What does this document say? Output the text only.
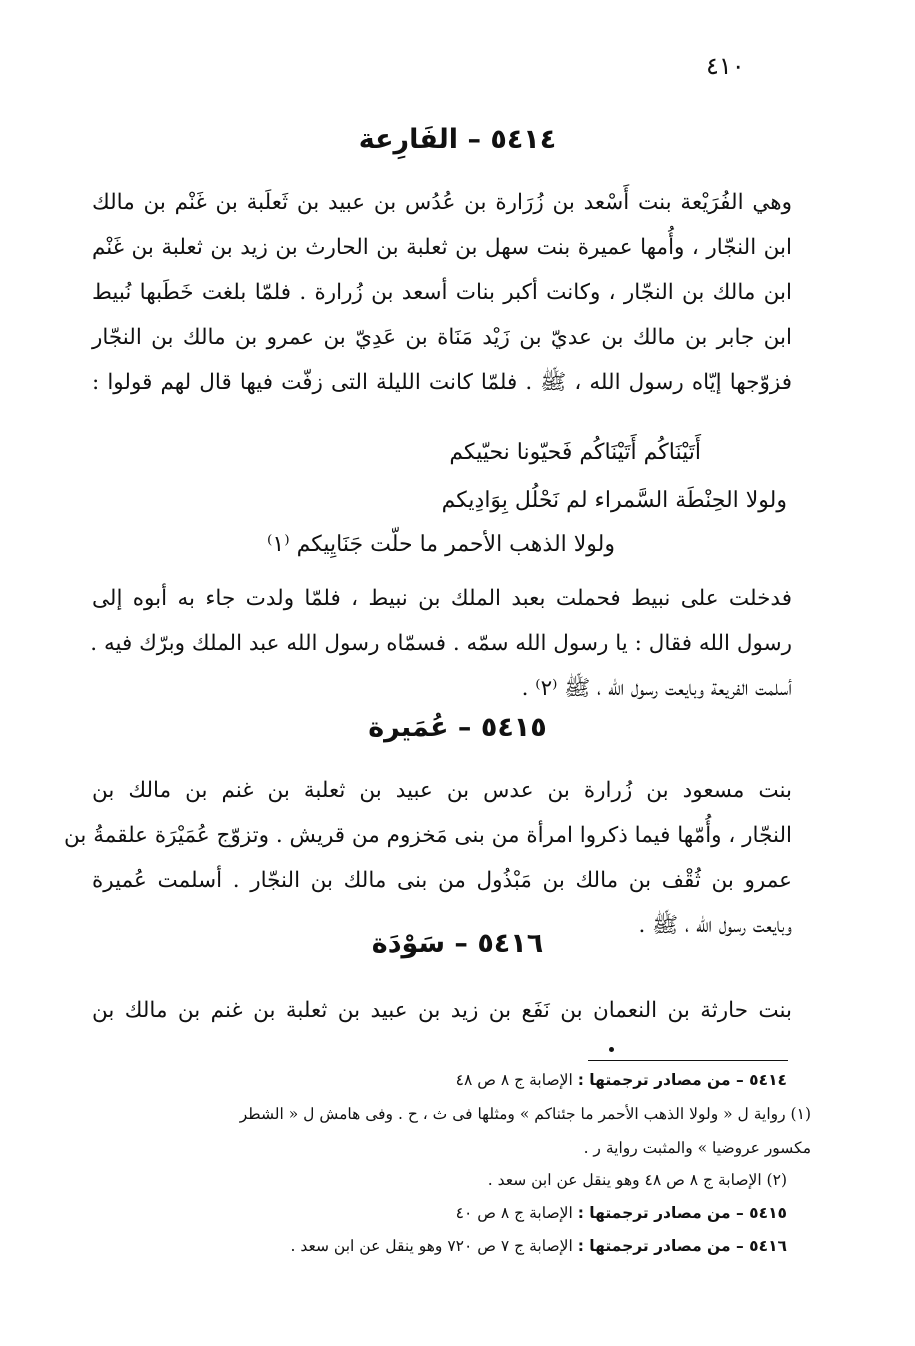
٤١٠
٥٤١٤ – الفَارِعة
وهي الفُرَيْعة بنت أَسْعد بن زُرَارة بن عُدُس بن عبيد بن ثَعلَبة بن غَنْم بن مالك
ابن النجّار ، وأُمها عميرة بنت سهل بن ثعلبة بن الحارث بن زيد بن ثعلبة بن غَنْم
ابن مالك بن النجّار ، وكانت أكبر بنات أسعد بن زُرارة . فلمّا بلغت خَطَبها نُبيط
ابن جابر بن مالك بن عديّ بن زَيْد مَنَاة بن عَدِيّ بن عمرو بن مالك بن النجّار
فزوّجها إيّاه رسول الله ، ﷺ . فلمّا كانت الليلة التى زفّت فيها قال لهم قولوا :
أَتَيْنَاكُم أَتَيْنَاكُم فَحيّونا نحيّيكم
ولولا الحِنْطَة السَّمراء لم نَحْلُل بِوَادِيكم
ولولا الذهب الأحمر ما حلّت جَنَايِيكم ⁽١⁾
فدخلت على نبيط فحملت بعبد الملك بن نبيط ، فلمّا ولدت جاء به أبوه إلى
رسول الله فقال : يا رسول الله سمّه . فسمّاه رسول الله عبد الملك وبرّك فيه .
أسلمت الفريعة وبايعت رسول الله ، ﷺ ⁽٢⁾ .
٥٤١٥ – عُمَيرة
بنت مسعود بن زُرارة بن عدس بن عبيد بن ثعلبة بن غنم بن مالك بن
النجّار ، وأُمّها فيما ذكروا امرأة من بنى مَخزوم من قريش . وتزوّج عُمَيْرَة علقمةُ بن
عمرو بن ثُقْف بن مالك بن مَبْذُول من بنى مالك بن النجّار . أسلمت عُميرة
وبايعت رسول الله ، ﷺ .
٥٤١٦ – سَوْدَة
بنت حارثة بن النعمان بن نَفَع بن زيد بن عبيد بن ثعلبة بن غنم بن مالك بن
٥٤١٤ – من مصادر ترجمتها : الإصابة ج ٨ ص ٤٨
(١) رواية ل « ولولا الذهب الأحمر ما جئناكم » ومثلها فى ث ، ح . وفى هامش ل « الشطر
مكسور عروضيا » والمثبت رواية ر .
(٢) الإصابة ج ٨ ص ٤٨ وهو ينقل عن ابن سعد .
٥٤١٥ – من مصادر ترجمتها : الإصابة ج ٨ ص ٤٠
٥٤١٦ – من مصادر ترجمتها : الإصابة ج ٧ ص ٧٢٠ وهو ينقل عن ابن سعد .
